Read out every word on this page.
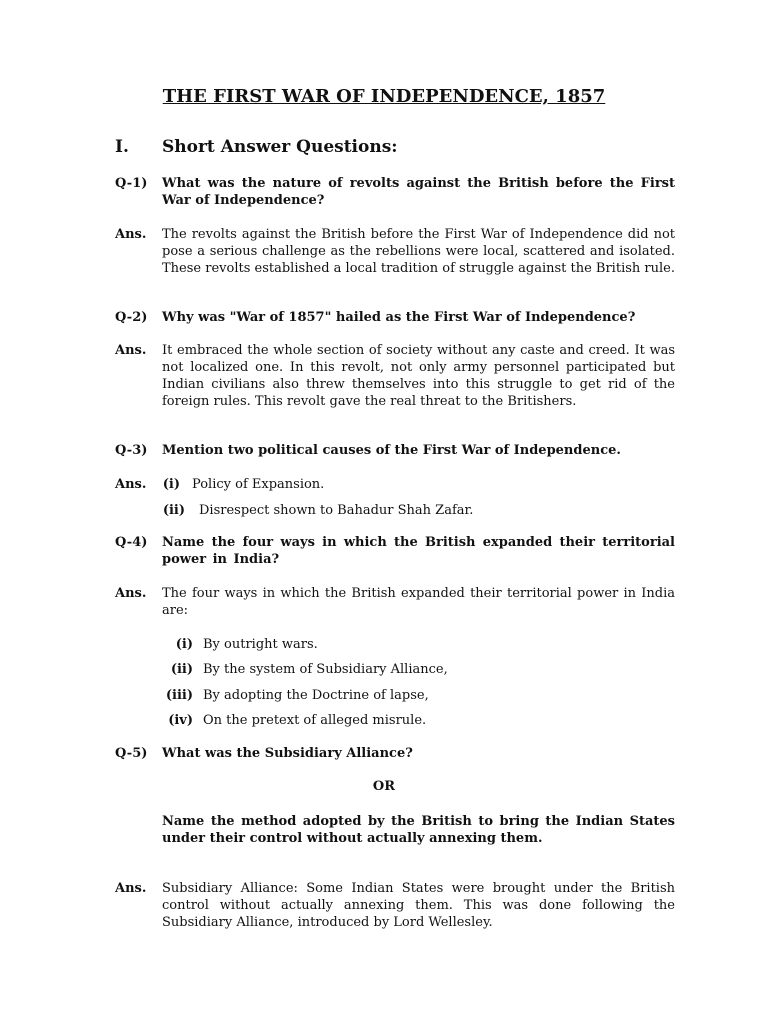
THE FIRST WAR OF INDEPENDENCE, 1857
I. Short Answer Questions:
Q-1) What was the nature of revolts against the British before the First War of Independence?

Ans. The revolts against the British before the First War of Independence did not pose a serious challenge as the rebellions were local, scattered and isolated. These revolts established a local tradition of struggle against the British rule.

Q-2) Why was "War of 1857" hailed as the First War of Independence?

Ans. It embraced the whole section of society without any caste and creed. It was not localized one. In this revolt, not only army personnel participated but Indian civilians also threw themselves into this struggle to get rid of the foreign rules. This revolt gave the real threat to the Britishers.

Q-3) Mention two political causes of the First War of Independence.

Ans.	(i) Policy of Expansion.
(ii) Disrespect shown to Bahadur Shah Zafar.
Q-4) Name the four ways in which the British expanded their territorial power in India?

Ans. The four ways in which the British expanded their territorial power in India are:

(i) By outright wars.
(ii) By the system of Subsidiary Alliance,
(iii) By adopting the Doctrine of lapse,
(iv) On the pretext of alleged misrule.
Q-5) What was the Subsidiary Alliance?

OR

Name the method adopted by the British to bring the Indian States under their control without actually annexing them.

Ans. Subsidiary Alliance: Some Indian States were brought under the British control without actually annexing them. This was done following the Subsidiary Alliance, introduced by Lord Wellesley.
